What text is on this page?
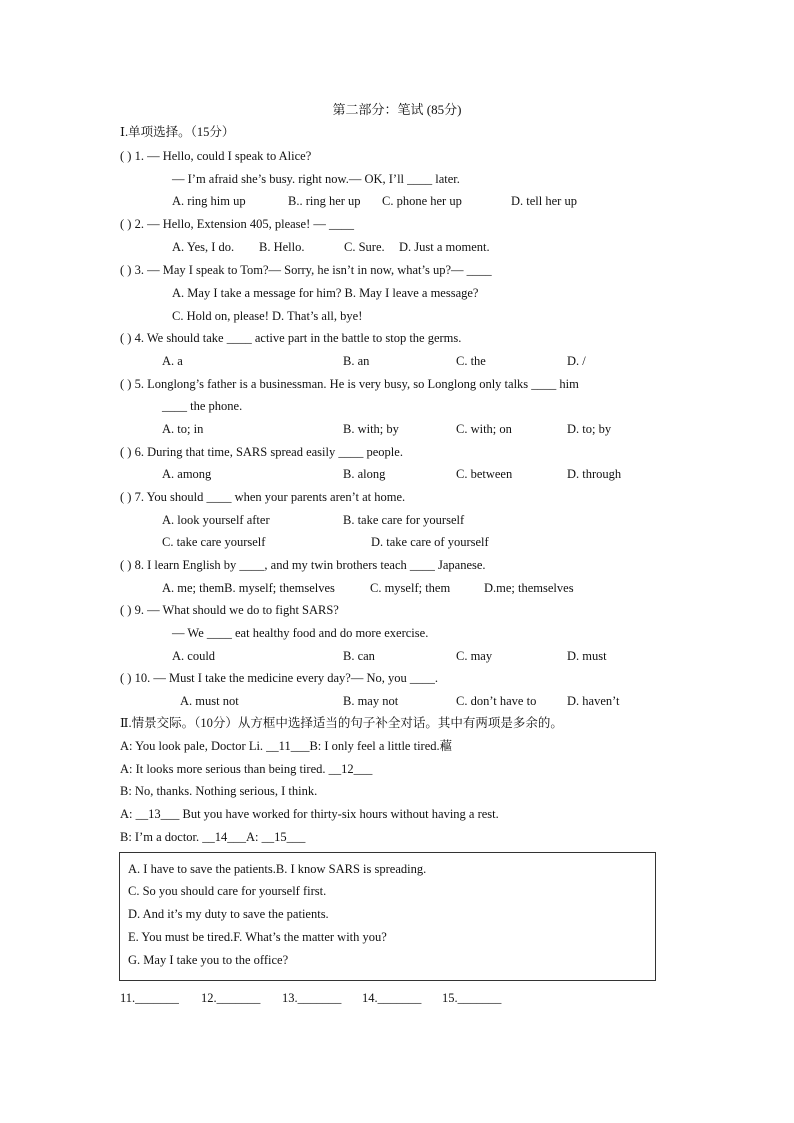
第二部分：笔试 (85分)
Ⅰ.单项选择。（15分）
( ) 1. — Hello, could I speak to Alice?
— I’m afraid she’s busy. right now.— OK, I’ll ____ later.
A. ring him up	B.. ring her up C. phone her up	D. tell her up
( ) 2. — Hello, Extension 405, please! — ____
A. Yes, I do. B. Hello.	C. Sure. D. Just a moment.
( ) 3. — May I speak to Tom?— Sorry, he isn’t in now, what’s up?— ____
A. May I take a message for him? B. May I leave a message?
C. Hold on, please! D. That’s all, bye!
( ) 4. We should take ____ active part in the battle to stop the germs.
A. a	B. an	C. the	D. /
( ) 5. Longlong’s father is a businessman. He is very busy, so Longlong only talks ____ him
____ the phone.
A. to; in	B. with; by	C. with; on	D. to; by
( ) 6. During that time, SARS spread easily ____ people.
A. among	B. along	C. between	D. through
( ) 7. You should ____ when your parents aren’t at home.
A. look yourself after	B. take care for yourself
C. take care yourself	D. take care of yourself
( ) 8. I learn English by ____, and my twin brothers teach ____ Japanese.
A. me; themB. myself; themselves	C. myself; them	D.me; themselves
( ) 9. — What should we do to fight SARS?
— We ____ eat healthy food and do more exercise.
A. could	B. can	C. may	D. must
( ) 10. — Must I take the medicine every day?— No, you ____.
A. must not	B. may not	C. don’t have to D. haven’t
Ⅱ.情景交际。（10分）从方框中选择适当的句子补全对话。其中有两项是多余的。
A: You look pale, Doctor Li. __11___B: I only feel a little tired.藲
A: It looks more serious than being tired. __12___
B: No, thanks. Nothing serious, I think.
A: __13___ But you have worked for thirty-six hours without having a rest.
B: I’m a doctor. __14___A: __15___
A. I have to save the patients.B. I know SARS is spreading.
C. So you should care for yourself first.
D. And it’s my duty to save the patients.
E. You must be tired.F. What’s the matter with you?
G. May I take you to the office?
11._______ 12._______ 13._______ 14._______ 15._______
